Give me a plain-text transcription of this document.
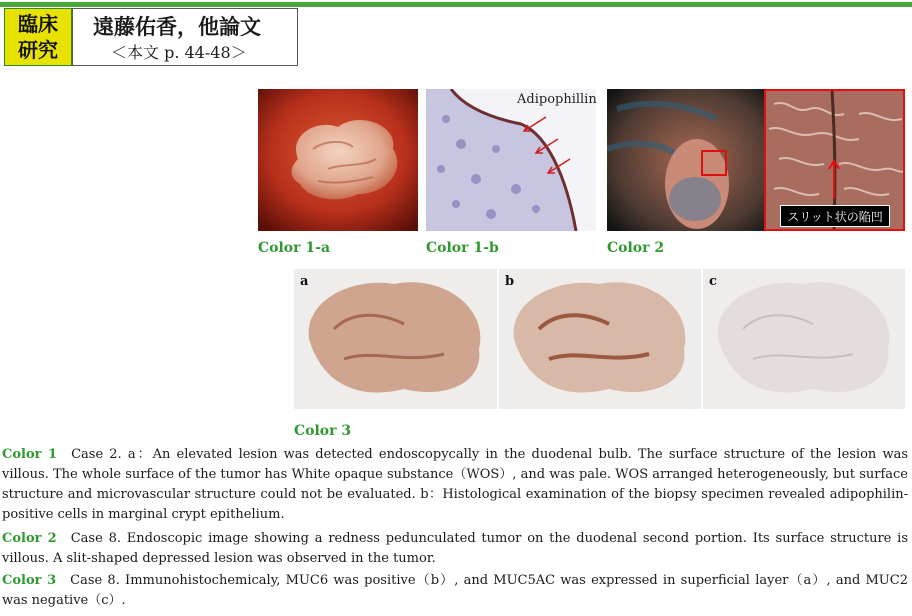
臨床
研究
遠藤佑香，他論文
＜本文 p. 44-48＞
Adipophillin
スリット状の陥凹
Color 1-a	Color 1-b	Color 2
a	b	c
Color 3
Color 1 Case 2. a：An elevated lesion was detected endoscopycally in the duodenal bulb. The surface structure of the lesion was villous. The whole surface of the tumor has White opaque substance（WOS）, and was pale. WOS arranged heterogeneously, but surface structure and microvascular structure could not be evaluated. b：Histological examination of the biopsy specimen revealed adipophilin-positive cells in marginal crypt epithelium.
Color 2 Case 8. Endoscopic image showing a redness pedunculated tumor on the duodenal second portion. Its surface structure is villous. A slit-shaped depressed lesion was observed in the tumor.
Color 3 Case 8. Immunohistochemicaly, MUC6 was positive（b）, and MUC5AC was expressed in superficial layer（a）, and MUC2 was negative（c）.
